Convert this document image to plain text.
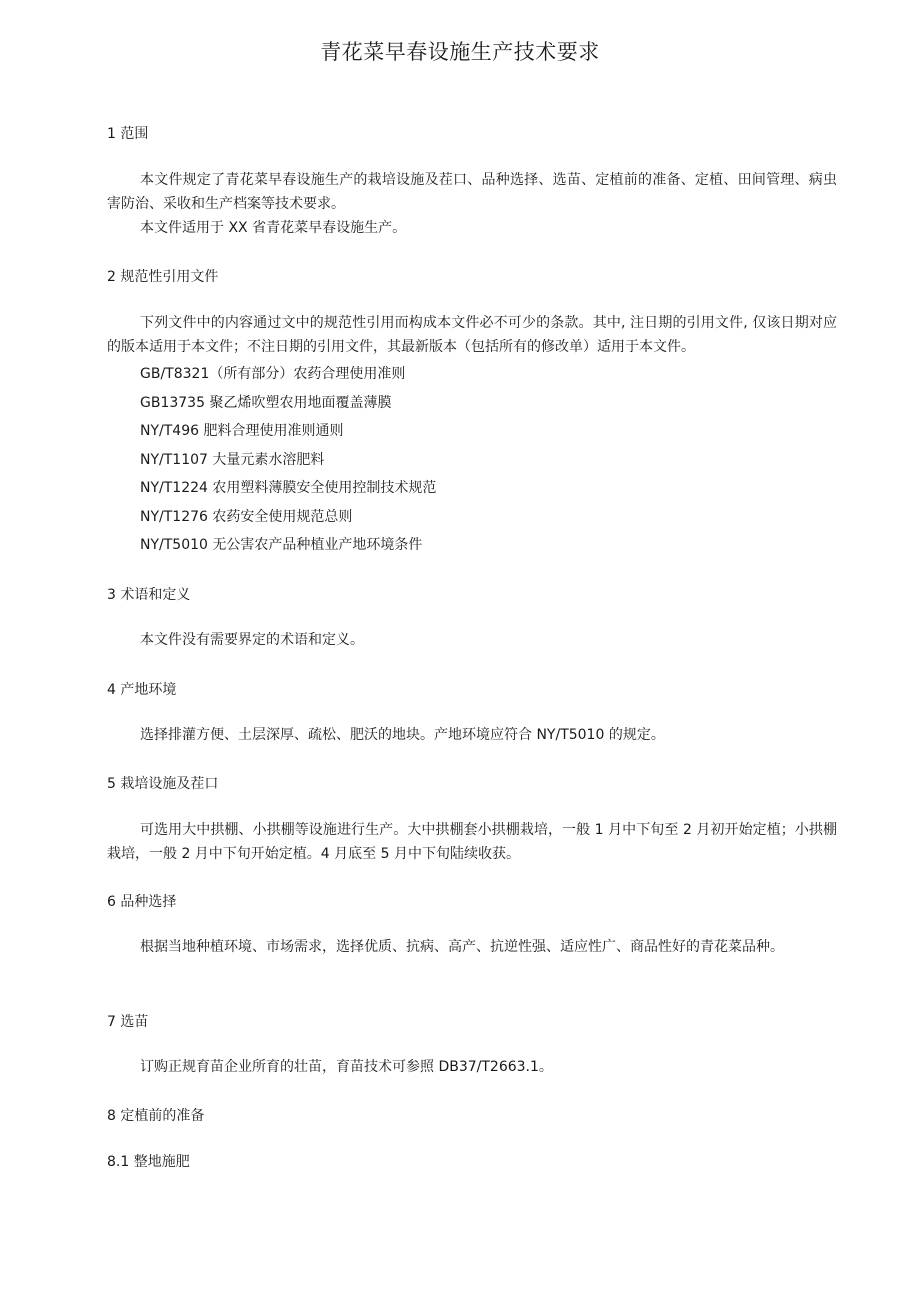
青花菜早春设施生产技术要求
1 范围

本文件规定了青花菜早春设施生产的栽培设施及茬口、品种选择、选苗、定植前的准备、定植、田间管理、病虫害防治、采收和生产档案等技术要求。

本文件适用于 XX 省青花菜早春设施生产。

2 规范性引用文件

下列文件中的内容通过文中的规范性引用而构成本文件必不可少的条款。其中, 注日期的引用文件, 仅该日期对应的版本适用于本文件；不注日期的引用文件，其最新版本（包括所有的修改单）适用于本文件。

GB/T8321（所有部分）农药合理使用准则

GB13735 聚乙烯吹塑农用地面覆盖薄膜

NY/T496 肥料合理使用准则通则

NY/T1107 大量元素水溶肥料

NY/T1224 农用塑料薄膜安全使用控制技术规范

NY/T1276 农药安全使用规范总则

NY/T5010 无公害农产品种植业产地环境条件

3 术语和定义

本文件没有需要界定的术语和定义。

4 产地环境

选择排灌方便、土层深厚、疏松、肥沃的地块。产地环境应符合 NY/T5010 的规定。

5 栽培设施及茬口

可选用大中拱棚、小拱棚等设施进行生产。大中拱棚套小拱棚栽培，一般 1 月中下旬至 2 月初开始定植；小拱棚栽培，一般 2 月中下旬开始定植。4 月底至 5 月中下旬陆续收获。

6 品种选择

根据当地种植环境、市场需求，选择优质、抗病、高产、抗逆性强、适应性广、商品性好的青花菜品种。

7 选苗

订购正规育苗企业所育的壮苗，育苗技术可参照 DB37/T2663.1。

8 定植前的准备
8.1 整地施肥
